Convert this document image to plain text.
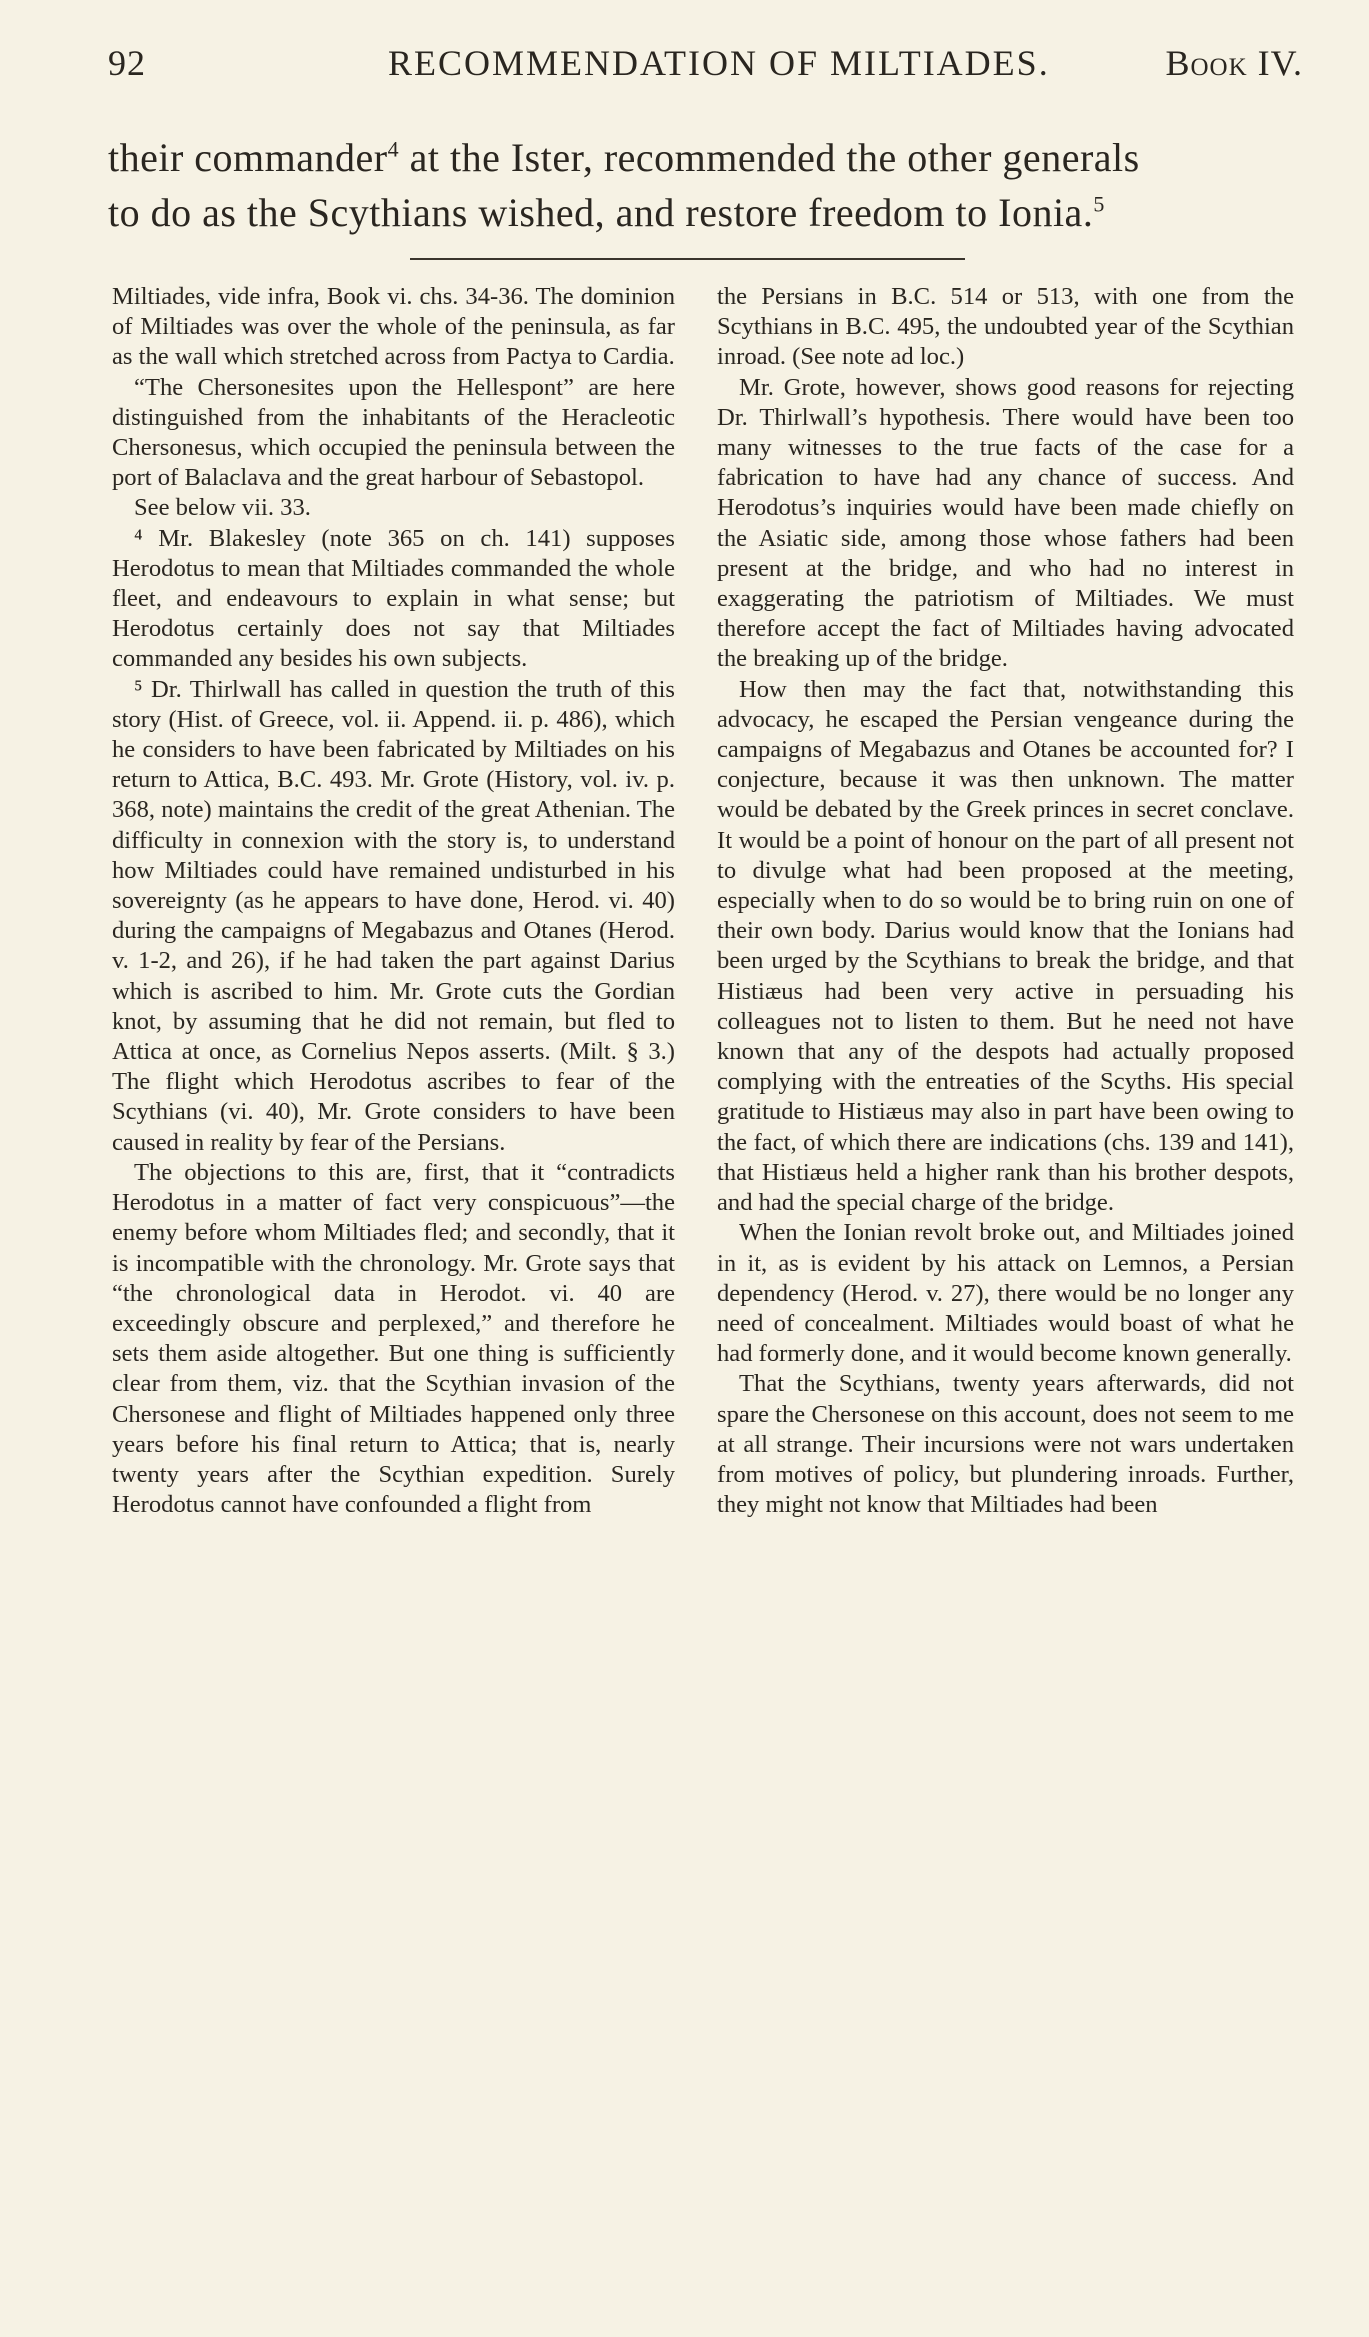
92	RECOMMENDATION OF MILTIADES.	Book IV.

their commander$^4$ at the Ister, recommended the other generals

to do as the Scythians wished, and restore freedom to Ionia.$^5$

Miltiades, vide infra, Book vi. chs. 34-36. The dominion of Miltiades was over the whole of the peninsula, as far as the wall which stretched across from Pactya to Cardia.

“The Chersonesites upon the Hellespont” are here distinguished from the inhabitants of the Heracleotic Chersonesus, which occupied the peninsula between the port of Balaclava and the great harbour of Sebastopol.

See below vii. 33.

⁴ Mr. Blakesley (note 365 on ch. 141) supposes Herodotus to mean that Miltiades commanded the whole fleet, and endeavours to explain in what sense; but Herodotus certainly does not say that Miltiades commanded any besides his own subjects.

⁵ Dr. Thirlwall has called in question the truth of this story (Hist. of Greece, vol. ii. Append. ii. p. 486), which he considers to have been fabricated by Miltiades on his return to Attica, B.C. 493. Mr. Grote (History, vol. iv. p. 368, note) maintains the credit of the great Athenian. The difficulty in connexion with the story is, to understand how Miltiades could have remained undisturbed in his sovereignty (as he appears to have done, Herod. vi. 40) during the campaigns of Megabazus and Otanes (Herod. v. 1-2, and 26), if he had taken the part against Darius which is ascribed to him. Mr. Grote cuts the Gordian knot, by assuming that he did not remain, but fled to Attica at once, as Cornelius Nepos asserts. (Milt. § 3.) The flight which Herodotus ascribes to fear of the Scythians (vi. 40), Mr. Grote considers to have been caused in reality by fear of the Persians.

The objections to this are, first, that it “contradicts Herodotus in a matter of fact very conspicuous”—the enemy before whom Miltiades fled; and secondly, that it is incompatible with the chronology. Mr. Grote says that “the chronological data in Herodot. vi. 40 are exceedingly obscure and perplexed,” and therefore he sets them aside altogether. But one thing is sufficiently clear from them, viz. that the Scythian invasion of the Chersonese and flight of Miltiades happened only three years before his final return to Attica; that is, nearly twenty years after the Scythian expedition. Surely Herodotus cannot have confounded a flight from

the Persians in B.C. 514 or 513, with one from the Scythians in B.C. 495, the undoubted year of the Scythian inroad. (See note ad loc.)

Mr. Grote, however, shows good reasons for rejecting Dr. Thirlwall’s hypothesis. There would have been too many witnesses to the true facts of the case for a fabrication to have had any chance of success. And Herodotus’s inquiries would have been made chiefly on the Asiatic side, among those whose fathers had been present at the bridge, and who had no interest in exaggerating the patriotism of Miltiades. We must therefore accept the fact of Miltiades having advocated the breaking up of the bridge.

How then may the fact that, notwithstanding this advocacy, he escaped the Persian vengeance during the campaigns of Megabazus and Otanes be accounted for? I conjecture, because it was then unknown. The matter would be debated by the Greek princes in secret conclave. It would be a point of honour on the part of all present not to divulge what had been proposed at the meeting, especially when to do so would be to bring ruin on one of their own body. Darius would know that the Ionians had been urged by the Scythians to break the bridge, and that Histiæus had been very active in persuading his colleagues not to listen to them. But he need not have known that any of the despots had actually proposed complying with the entreaties of the Scyths. His special gratitude to Histiæus may also in part have been owing to the fact, of which there are indications (chs. 139 and 141), that Histiæus held a higher rank than his brother despots, and had the special charge of the bridge.

When the Ionian revolt broke out, and Miltiades joined in it, as is evident by his attack on Lemnos, a Persian dependency (Herod. v. 27), there would be no longer any need of concealment. Miltiades would boast of what he had formerly done, and it would become known generally.

That the Scythians, twenty years afterwards, did not spare the Chersonese on this account, does not seem to me at all strange. Their incursions were not wars undertaken from motives of policy, but plundering inroads. Further, they might not know that Miltiades had been
